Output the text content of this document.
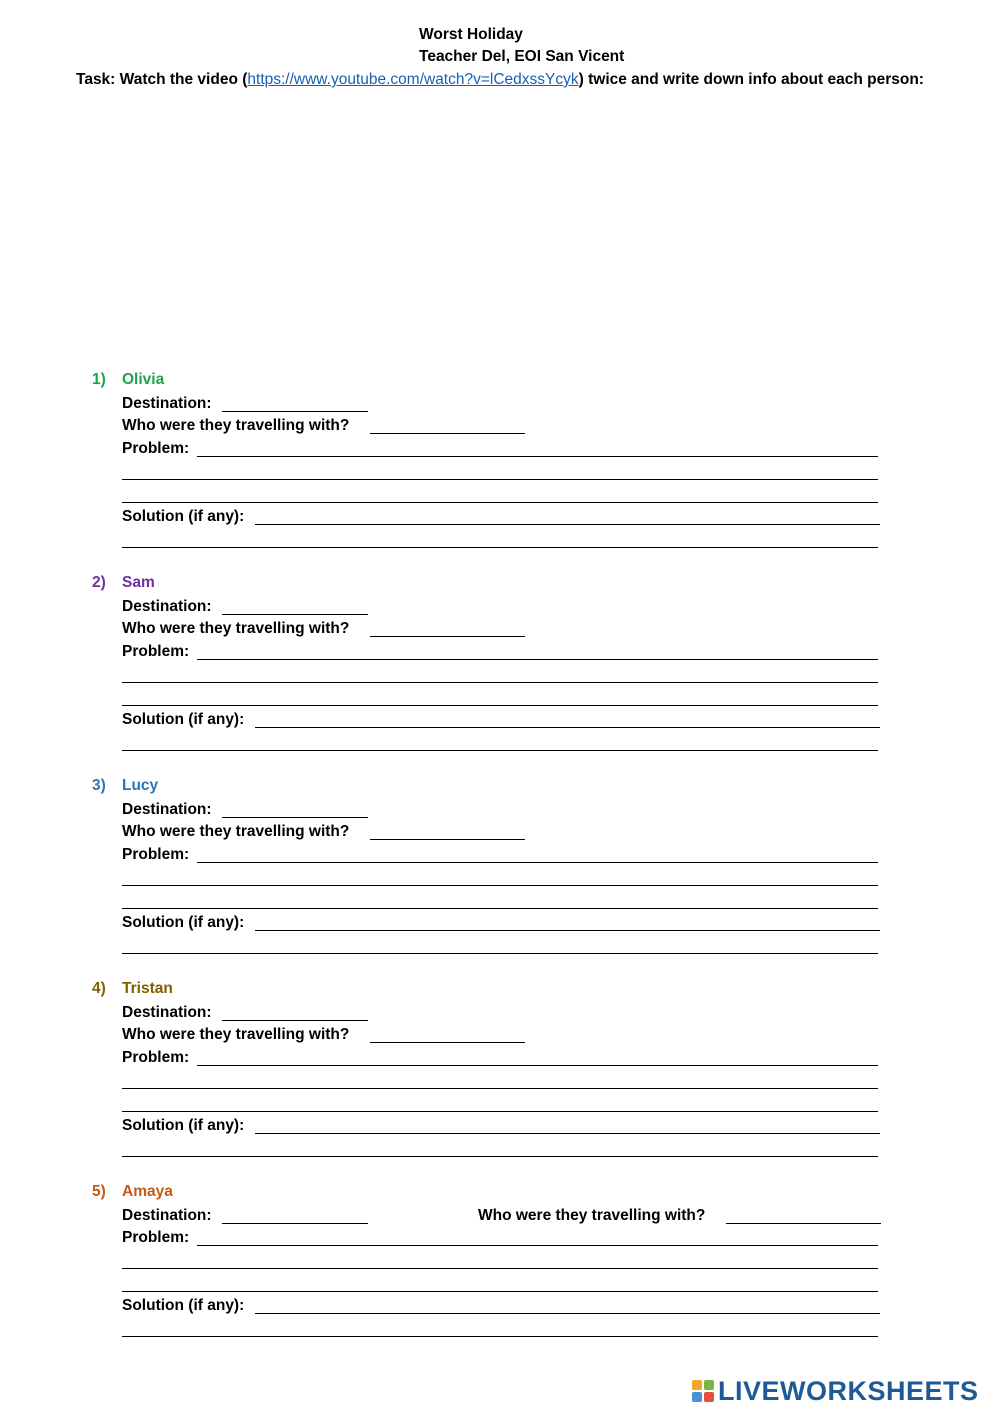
Worst Holiday
Teacher Del, EOI San Vicent
Task: Watch the video (https://www.youtube.com/watch?v=lCedxssYcyk) twice and write down info about each person:
1) Olivia
Destination:
Who were they travelling with?
Problem:
Solution (if any):
2) Sam
Destination:
Who were they travelling with?
Problem:
Solution (if any):
3) Lucy
Destination:
Who were they travelling with?
Problem:
Solution (if any):
4) Tristan
Destination:
Who were they travelling with?
Problem:
Solution (if any):
5) Amaya
Destination:	Who were they travelling with?
Problem:
Solution (if any):
LIVEWORKSHEETS
